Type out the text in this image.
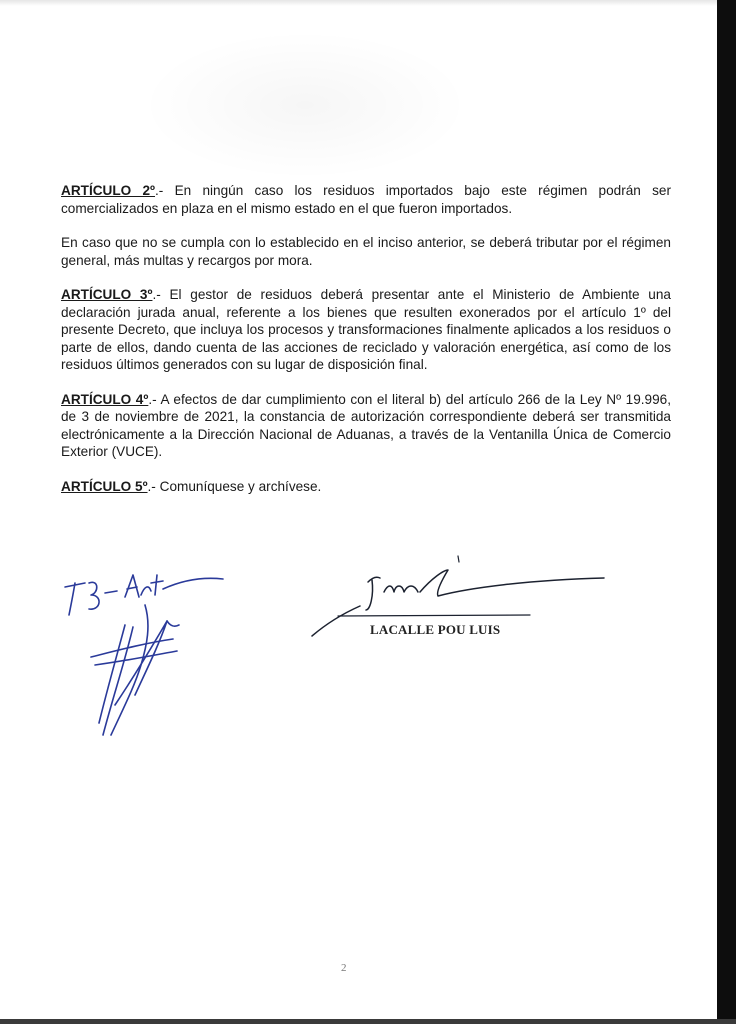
ARTÍCULO 2º.- En ningún caso los residuos importados bajo este régimen podrán ser comercializados en plaza en el mismo estado en el que fueron importados.

En caso que no se cumpla con lo establecido en el inciso anterior, se deberá tributar por el régimen general, más multas y recargos por mora.

ARTÍCULO 3º.- El gestor de residuos deberá presentar ante el Ministerio de Ambiente una declaración jurada anual, referente a los bienes que resulten exonerados por el artículo 1º del presente Decreto, que incluya los procesos y transformaciones finalmente aplicados a los residuos o parte de ellos, dando cuenta de las acciones de reciclado y valoración energética, así como de los residuos últimos generados con su lugar de disposición final.

ARTÍCULO 4º.- A efectos de dar cumplimiento con el literal b) del artículo 266 de la Ley Nº 19.996, de 3 de noviembre de 2021, la constancia de autorización correspondiente deberá ser transmitida electrónicamente a la Dirección Nacional de Aduanas, a través de la Ventanilla Única de Comercio Exterior (VUCE).

ARTÍCULO 5º.- Comuníquese y archívese.

LACALLE POU LUIS
2
